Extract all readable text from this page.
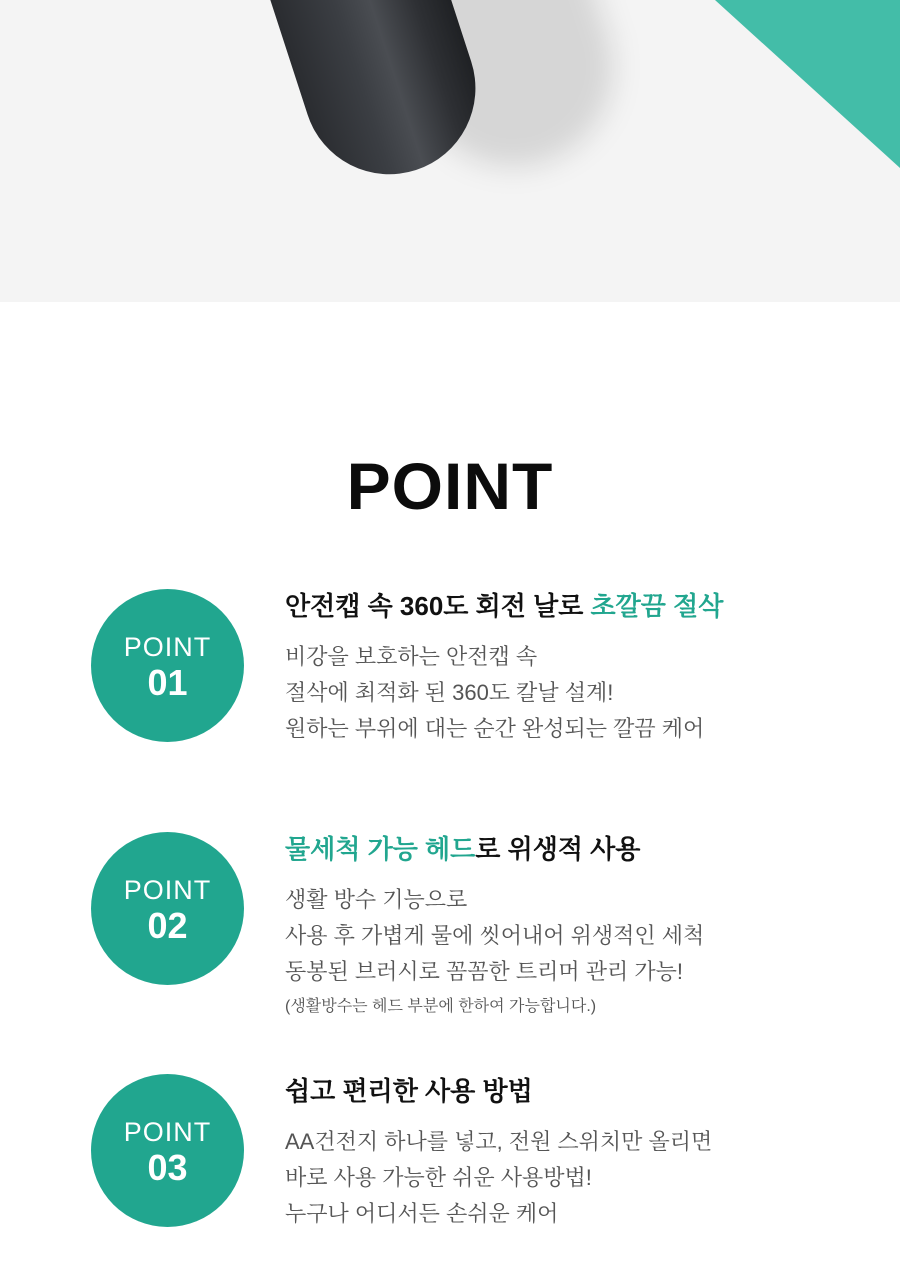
POINT
POINT
01
안전캡 속 360도 회전 날로 초깔끔 절삭
비강을 보호하는 안전캡 속
절삭에 최적화 된 360도 칼날 설계!
원하는 부위에 대는 순간 완성되는 깔끔 케어
POINT
02
물세척 가능 헤드로 위생적 사용
생활 방수 기능으로
사용 후 가볍게 물에 씻어내어 위생적인 세척
동봉된 브러시로 꼼꼼한 트리머 관리 가능!
(생활방수는 헤드 부분에 한하여 가능합니다.)
POINT
03
쉽고 편리한 사용 방법
AA건전지 하나를 넣고, 전원 스위치만 올리면
바로 사용 가능한 쉬운 사용방법!
누구나 어디서든 손쉬운 케어
